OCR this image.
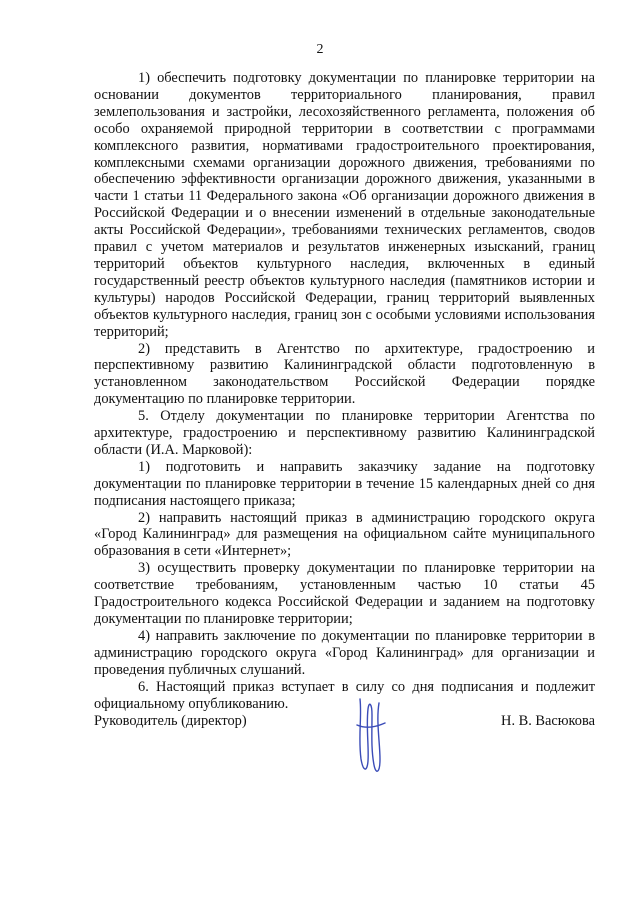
2

1) обеспечить подготовку документации по планировке территории на основании документов территориального планирования, правил землепользования и застройки, лесохозяйственного регламента, положения об особо охраняемой природной территории в соответствии с программами комплексного развития, нормативами градостроительного проектирования, комплексными схемами организации дорожного движения, требованиями по обеспечению эффективности организации дорожного движения, указанными в части 1 статьи 11 Федерального закона «Об организации дорожного движения в Российской Федерации и о внесении изменений в отдельные законодательные акты Российской Федерации», требованиями технических регламентов, сводов правил с учетом материалов и результатов инженерных изысканий, границ территорий объектов культурного наследия, включенных в единый государственный реестр объектов культурного наследия (памятников истории и культуры) народов Российской Федерации, границ территорий выявленных объектов культурного наследия, границ зон с особыми условиями использования территорий;

2) представить в Агентство по архитектуре, градостроению и перспективному развитию Калининградской области подготовленную в установленном законодательством Российской Федерации порядке документацию по планировке территории.

5. Отделу документации по планировке территории Агентства по архитектуре, градостроению и перспективному развитию Калининградской области (И.А. Марковой):

1) подготовить и направить заказчику задание на подготовку документации по планировке территории в течение 15 календарных дней со дня подписания настоящего приказа;

2) направить настоящий приказ в администрацию городского округа «Город Калининград» для размещения на официальном сайте муниципального образования в сети «Интернет»;

3) осуществить проверку документации по планировке территории на соответствие требованиям, установленным частью 10 статьи 45 Градостроительного кодекса Российской Федерации и заданием на подготовку документации по планировке территории;

4) направить заключение по документации по планировке территории в администрацию городского округа «Город Калининград» для организации и проведения публичных слушаний.

6. Настоящий приказ вступает в силу со дня подписания и подлежит официальному опубликованию.

Руководитель (директор)	Н. В. Васюкова
